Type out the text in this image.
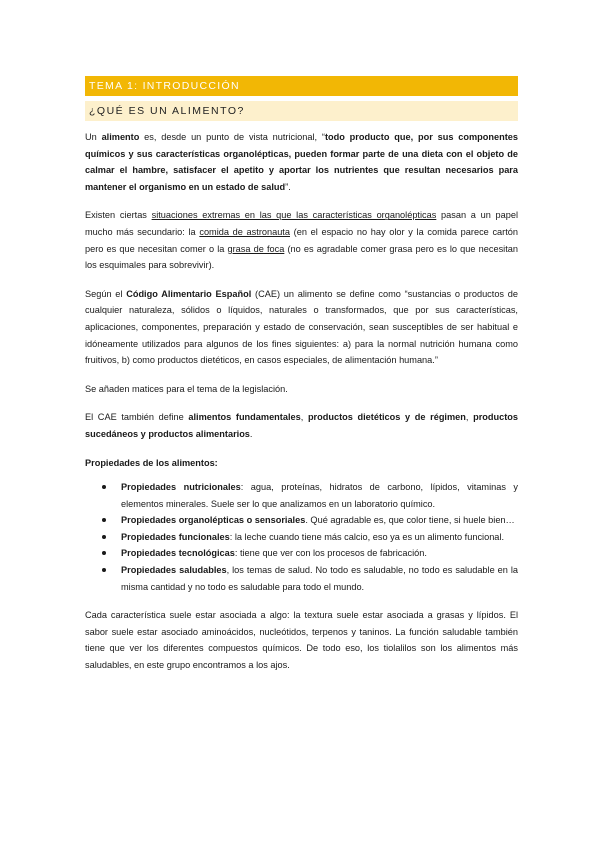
TEMA 1: INTRODUCCIÓN
¿QUÉ ES UN ALIMENTO?

Un alimento es, desde un punto de vista nutricional, “todo producto que, por sus componentes químicos y sus características organolépticas, pueden formar parte de una dieta con el objeto de calmar el hambre, satisfacer el apetito y aportar los nutrientes que resultan necesarios para mantener el organismo en un estado de salud”.

Existen ciertas situaciones extremas en las que las características organolépticas pasan a un papel mucho más secundario: la comida de astronauta (en el espacio no hay olor y la comida parece cartón pero es que necesitan comer o la grasa de foca (no es agradable comer grasa pero es lo que necesitan los esquimales para sobrevivir).

Según el Código Alimentario Español (CAE) un alimento se define como “sustancias o productos de cualquier naturaleza, sólidos o líquidos, naturales o transformados, que por sus características, aplicaciones, componentes, preparación y estado de conservación, sean susceptibles de ser habitual e idóneamente utilizados para algunos de los fines siguientes: a) para la normal nutrición humana como fruitivos, b) como productos dietéticos, en casos especiales, de alimentación humana.”

Se añaden matices para el tema de la legislación.

El CAE también define alimentos fundamentales, productos dietéticos y de régimen, productos sucedáneos y productos alimentarios.

Propiedades de los alimentos:

Propiedades nutricionales: agua, proteínas, hidratos de carbono, lípidos, vitaminas y elementos minerales. Suele ser lo que analizamos en un laboratorio químico.
Propiedades organolépticas o sensoriales. Qué agradable es, que color tiene, si huele bien…
Propiedades funcionales: la leche cuando tiene más calcio, eso ya es un alimento funcional.
Propiedades tecnológicas: tiene que ver con los procesos de fabricación.
Propiedades saludables, los temas de salud. No todo es saludable, no todo es saludable en la misma cantidad y no todo es saludable para todo el mundo.

Cada característica suele estar asociada a algo: la textura suele estar asociada a grasas y lípidos. El sabor suele estar asociado aminoácidos, nucleótidos, terpenos y taninos. La función saludable también tiene que ver los diferentes compuestos químicos. De todo eso, los tiolalilos son los alimentos más saludables, en este grupo encontramos a los ajos.
